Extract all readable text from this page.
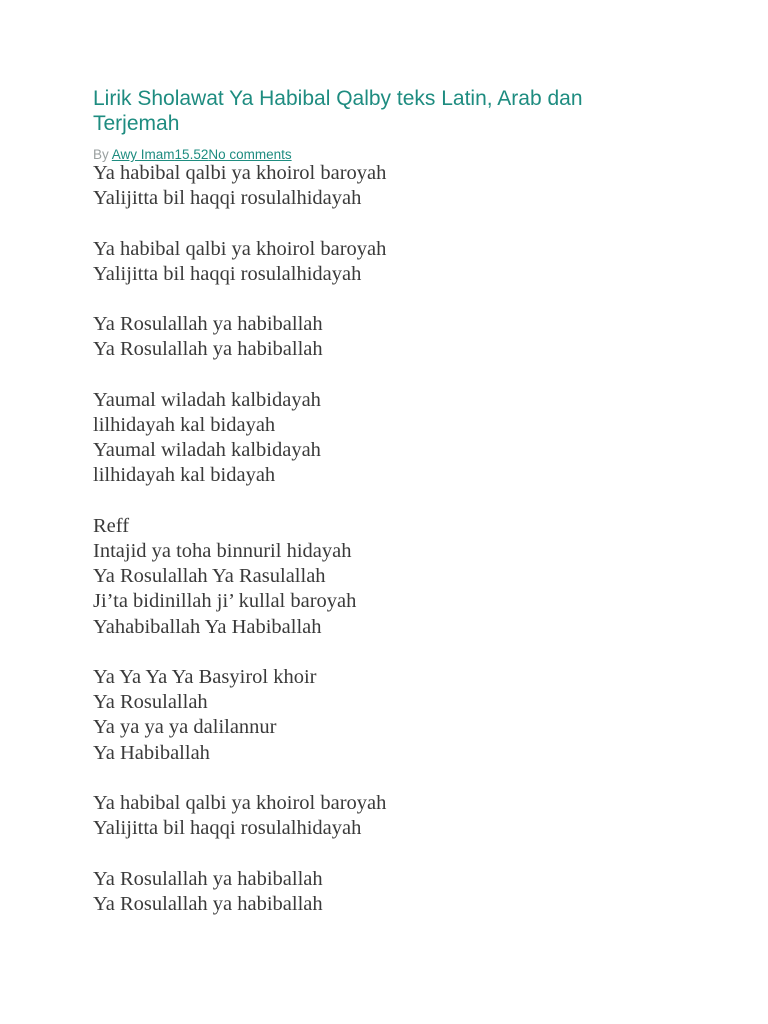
Lirik Sholawat Ya Habibal Qalby teks Latin, Arab dan Terjemah
By Awy Imam15.52No comments
Ya habibal qalbi ya khoirol baroyah
Yalijitta bil haqqi rosulalhidayah
Ya habibal qalbi ya khoirol baroyah
Yalijitta bil haqqi rosulalhidayah
Ya Rosulallah ya habiballah
Ya Rosulallah ya habiballah
Yaumal wiladah kalbidayah
lilhidayah kal bidayah
Yaumal wiladah kalbidayah
lilhidayah kal bidayah
Reff
Intajid ya toha binnuril hidayah
Ya Rosulallah Ya Rasulallah
Ji’ta bidinillah ji’ kullal baroyah
Yahabiballah Ya Habiballah
Ya Ya Ya Ya Basyirol khoir
Ya Rosulallah
Ya ya ya ya dalilannur
Ya Habiballah
Ya habibal qalbi ya khoirol baroyah
Yalijitta bil haqqi rosulalhidayah
Ya Rosulallah ya habiballah
Ya Rosulallah ya habiballah
